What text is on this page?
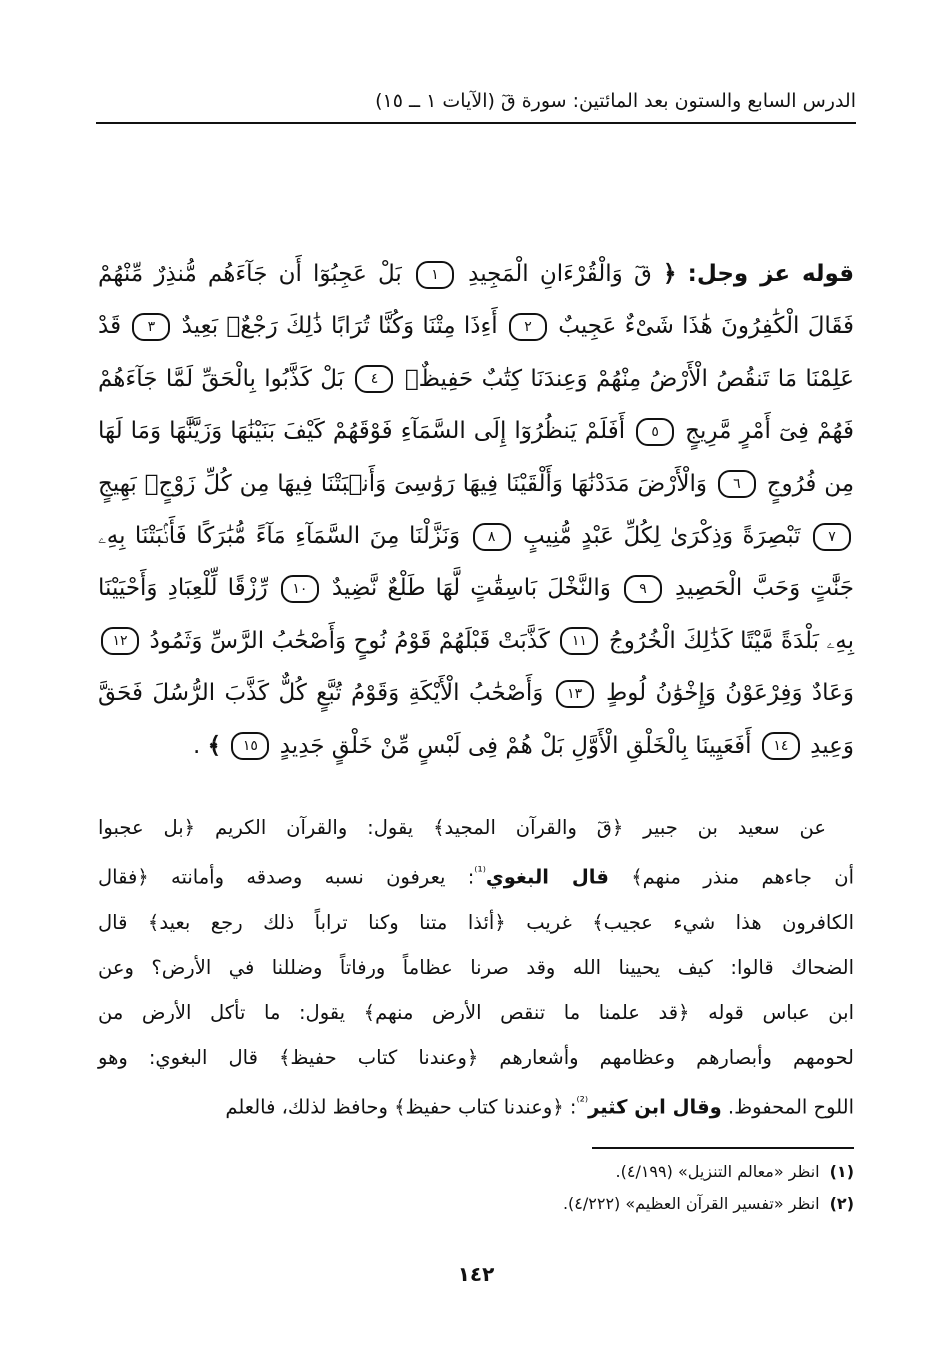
الدرس السابع والستون بعد المائتين: سورة قٓ (الآيات ١ ــ ١٥)
قوله عز وجل: ﴿ قٓ وَالْقُرْءَانِ الْمَجِيدِ ١ بَلْ عَجِبُوٓا أَن جَآءَهُم مُّنذِرٌ مِّنْهُمْ فَقَالَ الْكَٰفِرُونَ هَٰذَا شَىْءٌ عَجِيبٌ ٢ أَءِذَا مِتْنَا وَكُنَّا تُرَابًا ذَٰلِكَ رَجْعٌۢ بَعِيدٌ ٣ قَدْ عَلِمْنَا مَا تَنقُصُ الْأَرْضُ مِنْهُمْ وَعِندَنَا كِتَٰبٌ حَفِيظٌۢ ٤ بَلْ كَذَّبُوا بِالْحَقِّ لَمَّا جَآءَهُمْ فَهُمْ فِىٓ أَمْرٍ مَّرِيجٍ ٥ أَفَلَمْ يَنظُرُوٓا إِلَى السَّمَآءِ فَوْقَهُمْ كَيْفَ بَنَيْنَٰهَا وَزَيَّنَّٰهَا وَمَا لَهَا مِن فُرُوجٍ ٦ وَالْأَرْضَ مَدَدْنَٰهَا وَأَلْقَيْنَا فِيهَا رَوَٰسِىَ وَأَنۢبَتْنَا فِيهَا مِن كُلِّ زَوْجٍۢ بَهِيجٍ ٧ تَبْصِرَةً وَذِكْرَىٰ لِكُلِّ عَبْدٍ مُّنِيبٍ ٨ وَنَزَّلْنَا مِنَ السَّمَآءِ مَآءً مُّبَٰرَكًا فَأَنۢبَتْنَا بِهِۦ جَنَّٰتٍ وَحَبَّ الْحَصِيدِ ٩ وَالنَّخْلَ بَاسِقَٰتٍ لَّهَا طَلْعٌ نَّضِيدٌ ١٠ رِّزْقًا لِّلْعِبَادِ وَأَحْيَيْنَا بِهِۦ بَلْدَةً مَّيْتًا كَذَٰلِكَ الْخُرُوجُ ١١ كَذَّبَتْ قَبْلَهُمْ قَوْمُ نُوحٍ وَأَصْحَٰبُ الرَّسِّ وَثَمُودُ ١٢ وَعَادٌ وَفِرْعَوْنُ وَإِخْوَٰنُ لُوطٍ ١٣ وَأَصْحَٰبُ الْأَيْكَةِ وَقَوْمُ تُبَّعٍ كُلٌّ كَذَّبَ الرُّسُلَ فَحَقَّ وَعِيدِ ١٤ أَفَعَيِينَا بِالْخَلْقِ الْأَوَّلِ بَلْ هُمْ فِى لَبْسٍ مِّنْ خَلْقٍ جَدِيدٍ ١٥ ﴾ .
عن سعيد بن جبير ﴿قٓ والقرآن المجيد﴾ يقول: والقرآن الكريم ﴿بل عجبوا
أن جاءهم منذر منهم﴾ قال البغوي$^{^{(1)}}$: يعرفون نسبه وصدقه وأمانته ﴿فقال
الكافرون هذا شيء عجيب﴾ غريب ﴿أئذا متنا وكنا تراباً ذلك رجع بعيد﴾ قال
الضحاك قالوا: كيف يحيينا الله وقد صرنا عظاماً ورفاتاً وضللنا في الأرض؟ وعن
ابن عباس قوله ﴿قد علمنا ما تنقص الأرض منهم﴾ يقول: ما تأكل الأرض من
لحومهم وأبصارهم وعظامهم وأشعارهم ﴿وعندنا كتاب حفيظ﴾ قال البغوي: وهو
اللوح المحفوظ. وقال ابن كثير$^{^{(2)}}$: ﴿وعندنا كتاب حفيظ﴾ وحافظ لذلك، فالعلم
(١)انظر «معالم التنزيل» (٤/١٩٩).
(٢)انظر «تفسير القرآن العظيم» (٤/٢٢٢).
١٤٢
